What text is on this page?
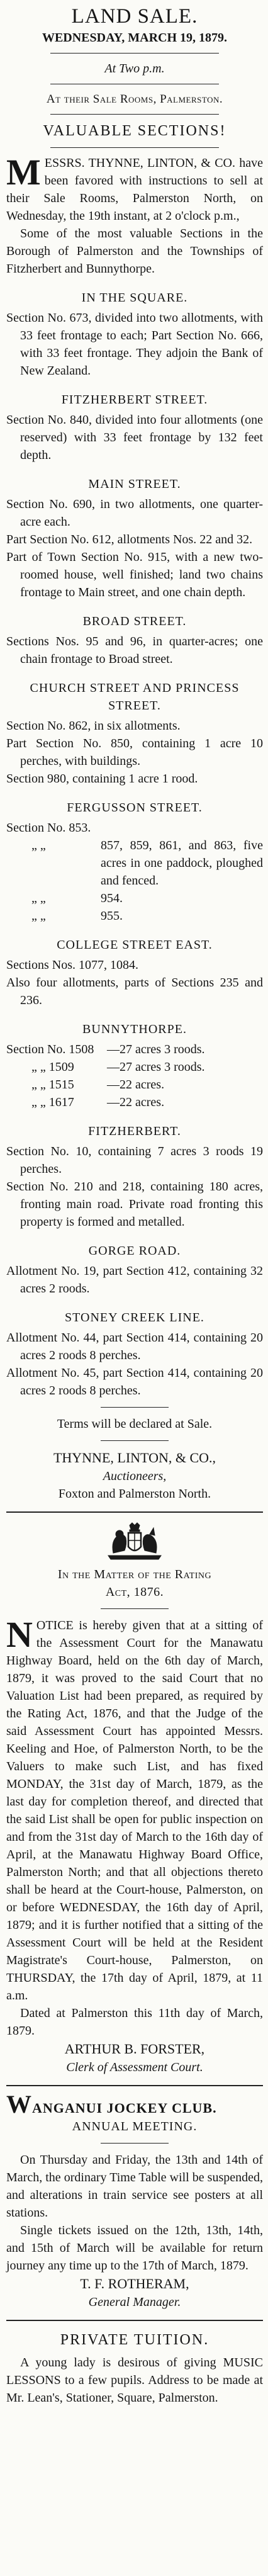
LAND SALE.
WEDNESDAY, MARCH 19, 1879.
At Two p.m.
At their Sale Rooms, Palmerston.
VALUABLE SECTIONS!

MESSRS. THYNNE, LINTON, & CO. have been favored with instructions to sell at their Sale Rooms, Palmerston North, on Wednesday, the 19th instant, at 2 o'clock p.m.,

Some of the most valuable Sections in the Borough of Palmerston and the Townships of Fitzherbert and Bunnythorpe.

IN THE SQUARE.

Section No. 673, divided into two allotments, with 33 feet frontage to each; Part Section No. 666, with 33 feet frontage. They adjoin the Bank of New Zealand.

FITZHERBERT STREET.

Section No. 840, divided into four allotments (one reserved) with 33 feet frontage by 132 feet depth.

MAIN STREET.

Section No. 690, in two allotments, one quarter-acre each.

Part Section No. 612, allotments Nos. 22 and 32.

Part of Town Section No. 915, with a new two-roomed house, well finished; land two chains frontage to Main street, and one chain depth.

BROAD STREET.

Sections Nos. 95 and 96, in quarter-acres; one chain frontage to Broad street.

CHURCH STREET AND PRINCESS STREET.

Section No. 862, in six allotments.

Part Section No. 850, containing 1 acre 10 perches, with buildings.

Section 980, containing 1 acre 1 rood.

FERGUSSON STREET.
Section No. 853.
„ „	857, 859, 861, and 863, five acres in one paddock, ploughed and fenced.
„ „	954.
„ „	955.
COLLEGE STREET EAST.

Sections Nos. 1077, 1084.

Also four allotments, parts of Sections 235 and 236.

BUNNYTHORPE.
Section No. 1508	—27 acres 3 roods.
„ „ 1509	—27 acres 3 roods.
„ „ 1515	—22 acres.
„ „ 1617	—22 acres.
FITZHERBERT.

Section No. 10, containing 7 acres 3 roods 19 perches.

Section No. 210 and 218, containing 180 acres, fronting main road. Private road fronting this property is formed and metalled.

GORGE ROAD.

Allotment No. 19, part Section 412, containing 32 acres 2 roods.

STONEY CREEK LINE.

Allotment No. 44, part Section 414, containing 20 acres 2 roods 8 perches.

Allotment No. 45, part Section 414, containing 20 acres 2 roods 8 perches.

Terms will be declared at Sale.
THYNNE, LINTON, & CO.,
Auctioneers,
Foxton and Palmerston North.
In the Matter of the Rating
Act, 1876.

NOTICE is hereby given that at a sitting of the Assessment Court for the Manawatu Highway Board, held on the 6th day of March, 1879, it was proved to the said Court that no Valuation List had been prepared, as required by the Rating Act, 1876, and that the Judge of the said Assessment Court has appointed Messrs. Keeling and Hoe, of Palmerston North, to be the Valuers to make such List, and has fixed MONDAY, the 31st day of March, 1879, as the last day for completion thereof, and directed that the said List shall be open for public inspection on and from the 31st day of March to the 16th day of April, at the Manawatu Highway Board Office, Palmerston North; and that all objections thereto shall be heard at the Court-house, Palmerston, on or before WEDNESDAY, the 16th day of April, 1879; and it is further notified that a sitting of the Assessment Court will be held at the Resident Magistrate's Court-house, Palmerston, on THURSDAY, the 17th day of April, 1879, at 11 a.m.

Dated at Palmerston this 11th day of March, 1879.

ARTHUR B. FORSTER,
Clerk of Assessment Court.
WANGANUI JOCKEY CLUB.
ANNUAL MEETING.

On Thursday and Friday, the 13th and 14th of March, the ordinary Time Table will be suspended, and alterations in train service see posters at all stations.

Single tickets issued on the 12th, 13th, 14th, and 15th of March will be available for return journey any time up to the 17th of March, 1879.

T. F. ROTHERAM,
General Manager.
PRIVATE TUITION.

A young lady is desirous of giving MUSIC LESSONS to a few pupils. Address to be made at Mr. Lean's, Stationer, Square, Palmerston.
